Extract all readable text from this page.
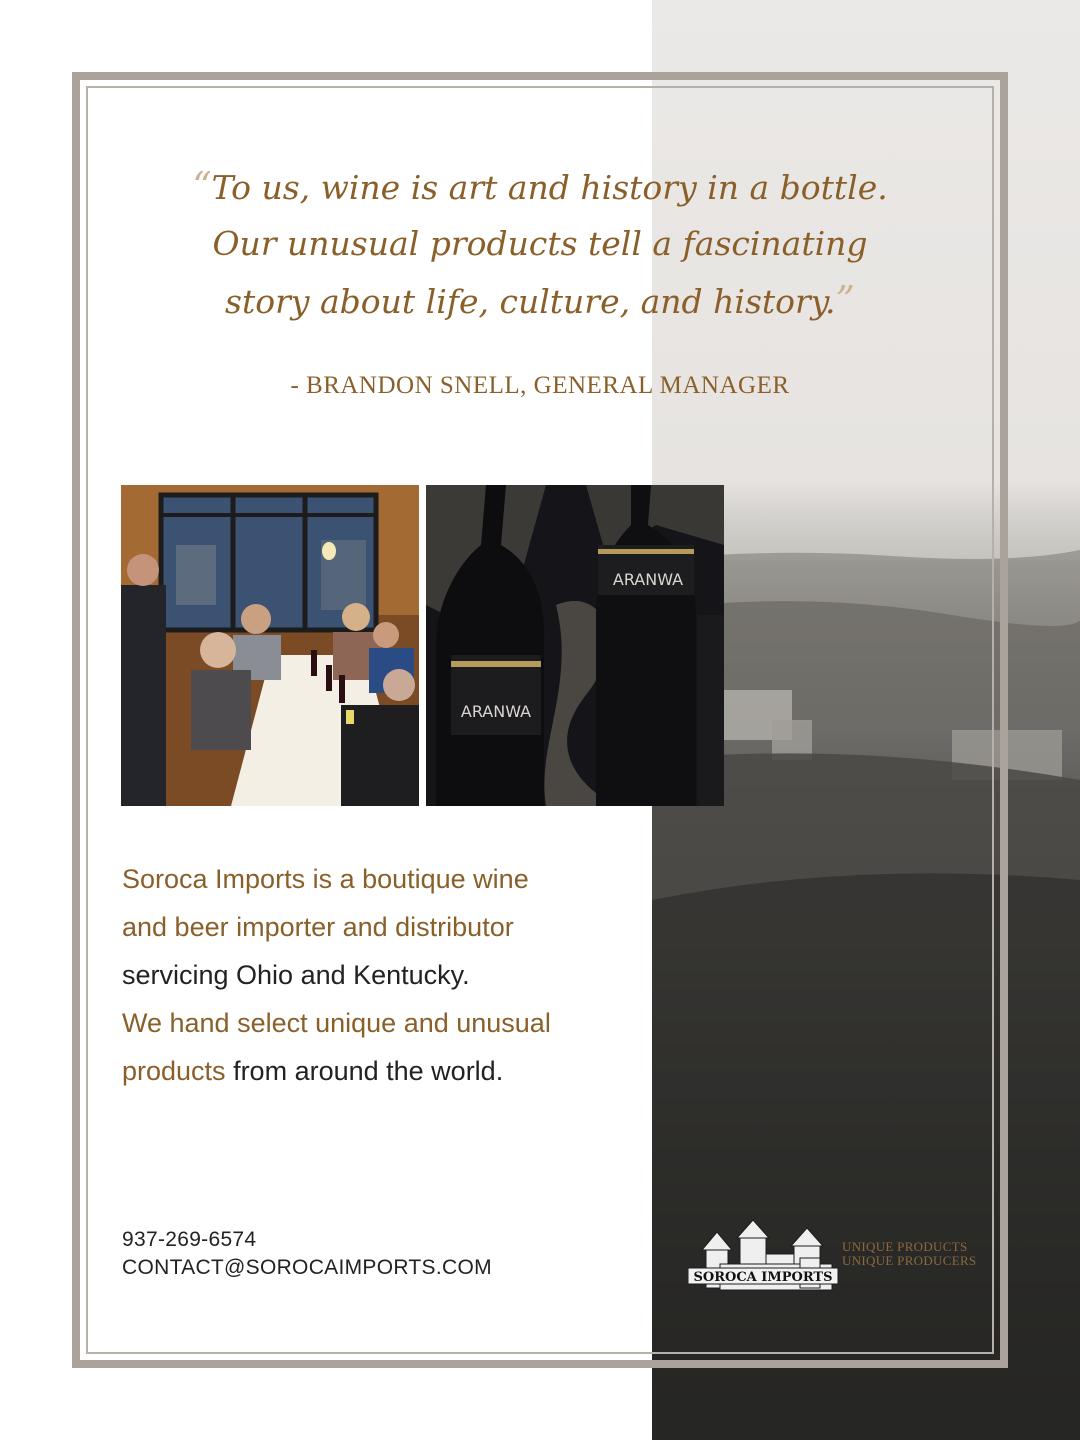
“To us, wine is art and history in a bottle.
Our unusual products tell a fascinating
story about life, culture, and history.”

- BRANDON SNELL, GENERAL MANAGER

ARANWA
ARANWA

Soroca Imports is a boutique wine
and beer importer and distributor
servicing Ohio and Kentucky.
We hand select unique and unusual
products from around the world.

937-269-6574
CONTACT@SOROCAIMPORTS.COM	SOROCA IMPORTS

UNIQUE PRODUCTS
UNIQUE PRODUCERS
